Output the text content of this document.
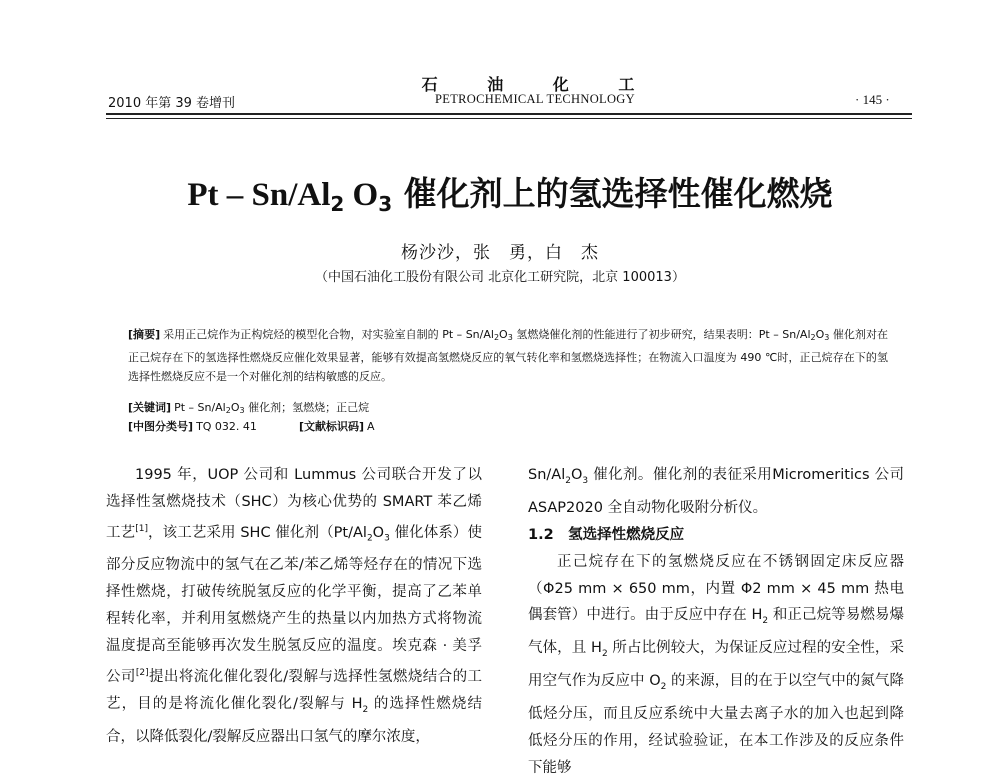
石 油 化 工
2010 年第 39 卷增刊	PETROCHEMICAL TECHNOLOGY	· 145 ·
Pt – $Sn/Al_2$ $O_3$ 催化剂上的氢选择性催化燃烧
杨沙沙，张　勇，白　杰
（中国石油化工股份有限公司 北京化工研究院，北京 100013）
[摘要] 采用正己烷作为正构烷烃的模型化合物，对实验室自制的 Pt – $Sn/Al_2O_3$ 氢燃烧催化剂的性能进行了初步研究，结果表明：Pt – $Sn/Al_2O_3$ 催化剂对在正己烷存在下的氢选择性燃烧反应催化效果显著，能够有效提高氢燃烧反应的氧气转化率和氢燃烧选择性；在物流入口温度为 490 ℃时，正己烷存在下的氢选择性燃烧反应不是一个对催化剂的结构敏感的反应。
[关键词] Pt – $Sn/Al_2O_3$ 催化剂；氢燃烧；正己烷
[中图分类号] TQ 032. 41	[文献标识码] A

1995 年，UOP 公司和 Lummus 公司联合开发了以选择性氢燃烧技术（SHC）为核心优势的 SMART 苯乙烯工艺[1]，该工艺采用 SHC 催化剂（$Pt/Al_2O_3$ 催化体系）使部分反应物流中的氢气在乙苯/苯乙烯等烃存在的情况下选择性燃烧，打破传统脱氢反应的化学平衡，提高了乙苯单程转化率，并利用氢燃烧产生的热量以内加热方式将物流温度提高至能够再次发生脱氢反应的温度。埃克森 · 美孚公司[2]提出将流化催化裂化/裂解与选择性氢燃烧结合的工艺，目的是将流化催化裂化/裂解与 $H_2$ 的选择性燃烧结合，以降低裂化/裂解反应器出口氢气的摩尔浓度，

$Sn/Al_2O_3$ 催化剂。催化剂的表征采用Micromeritics 公司 ASAP2020 全自动物化吸附分析仪。

1.2　氢选择性燃烧反应

正己烷存在下的氢燃烧反应在不锈钢固定床反应器（Φ25 mm × 650 mm，内置 Φ2 mm × 45 mm 热电偶套管）中进行。由于反应中存在 $H_2$ 和正己烷等易燃易爆气体，且 $H_2$ 所占比例较大，为保证反应过程的安全性，采用空气作为反应中 $O_2$ 的来源，目的在于以空气中的氮气降低烃分压，而且反应系统中大量去离子水的加入也起到降低烃分压的作用，经试验验证，在本工作涉及的反应条件下能够
